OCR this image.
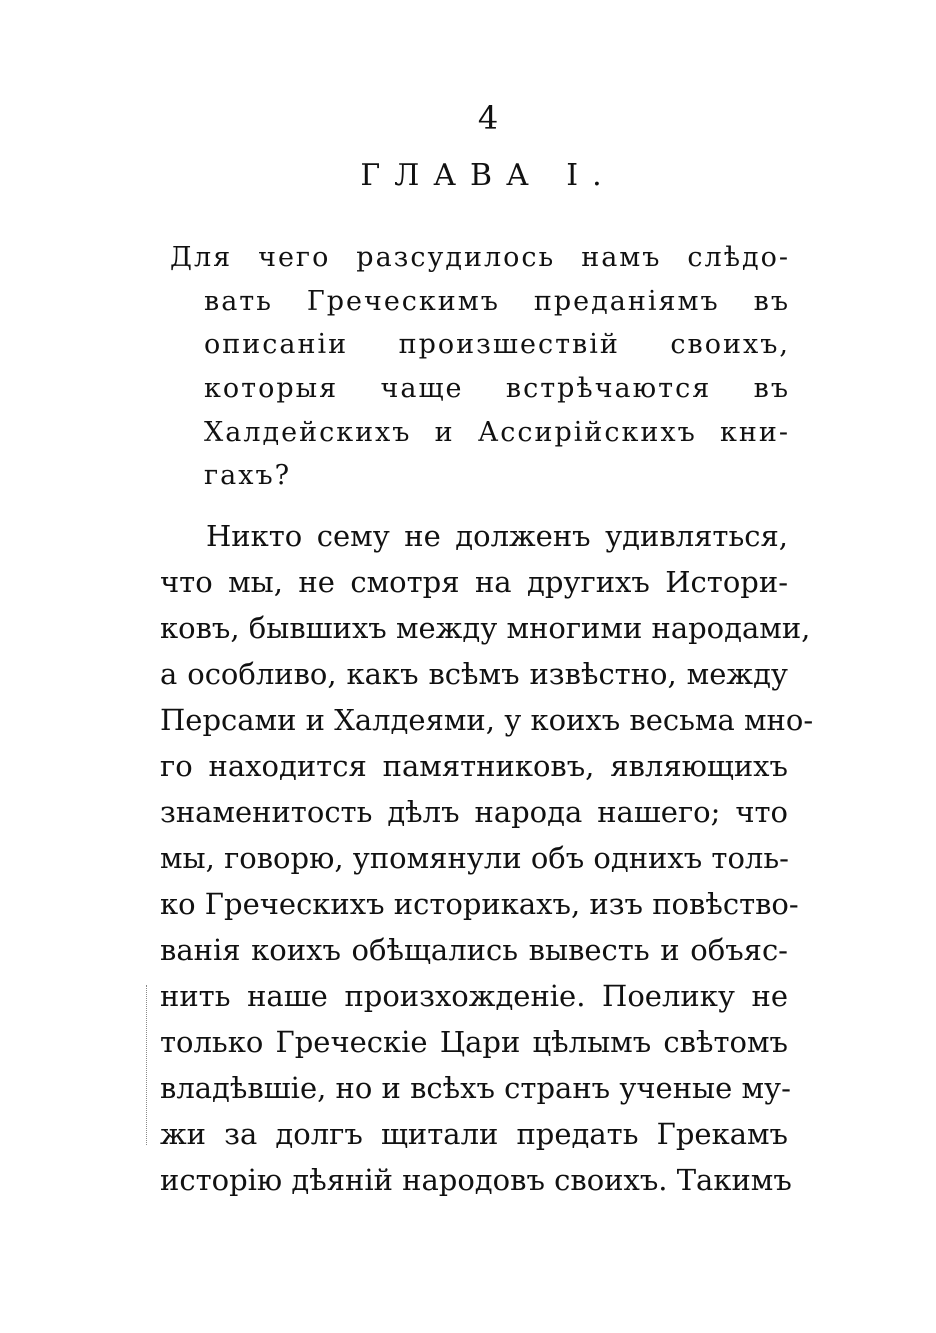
4
ГЛАВА I.
Для чего разсудилось намъ слѣдо-
вать Греческимъ преданіямъ въ
описаніи произшествій своихъ,
которыя чаще встрѣчаются въ
Халдейскихъ и Ассирійскихъ кни-
гахъ?
Никто сему не долженъ удивляться,
что мы, не смотря на другихъ Истори-
ковъ, бывшихъ между многими народами,
а особливо, какъ всѣмъ извѣстно, между
Персами и Халдеями, у коихъ весьма мно-
го находится памятниковъ, являющихъ
знаменитость дѣлъ народа нашего; что
мы, говорю, упомянули объ однихъ толь-
ко Греческихъ историкахъ, изъ повѣство-
ванія коихъ обѣщались вывесть и объяс-
нить наше произхожденіе. Поелику не
только Греческіе Цари цѣлымъ свѣтомъ
владѣвшіе, но и всѣхъ странъ ученые му-
жи за долгъ щитали предать Грекамъ
исторію дѣяній народовъ своихъ. Такимъ
